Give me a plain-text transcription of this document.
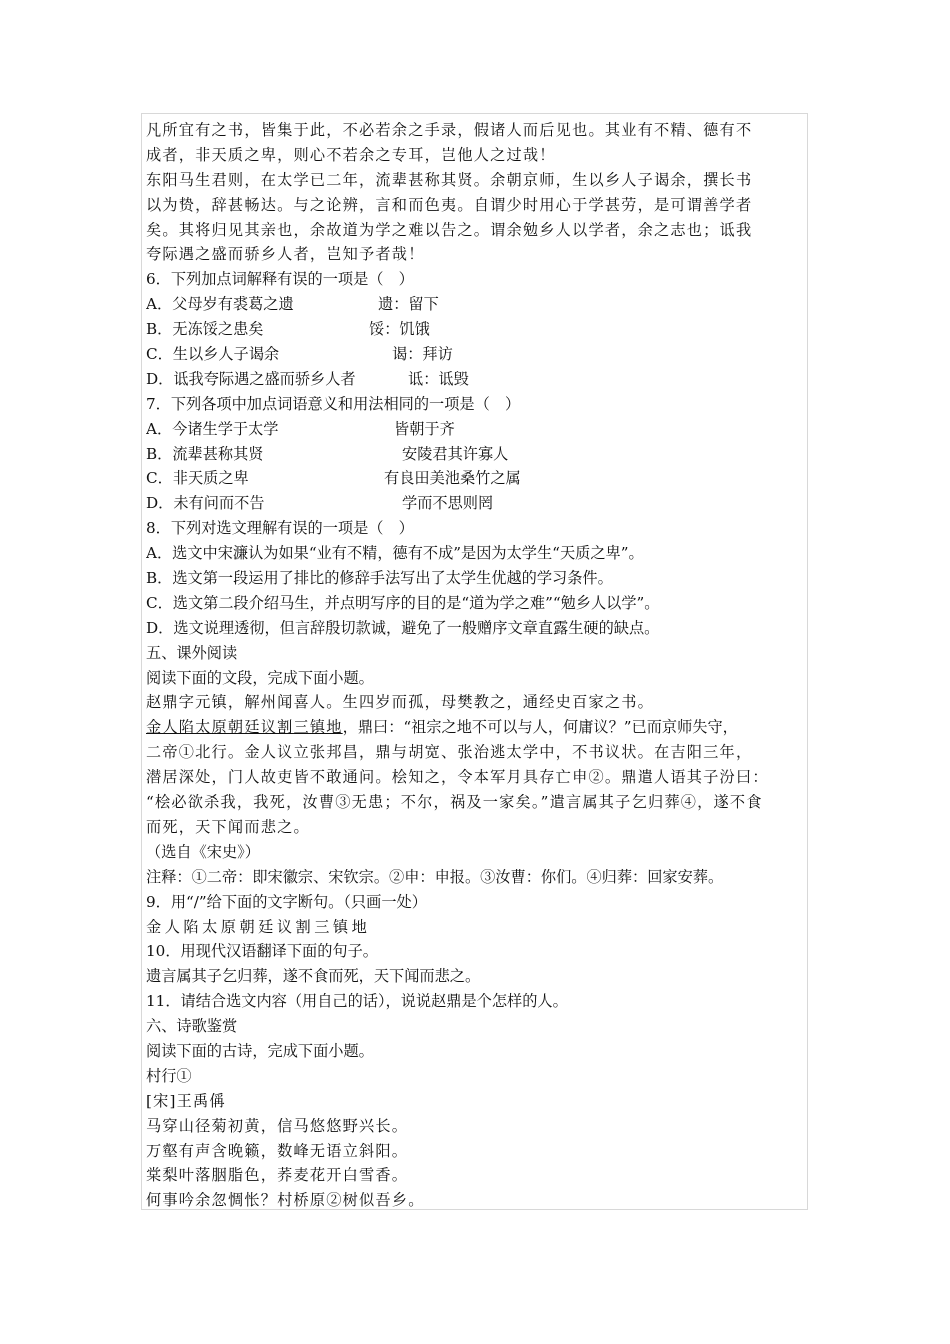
凡所宜有之书，皆集于此，不必若余之手录，假诸人而后见也。其业有不精、德有不
成者，非天质之卑，则心不若余之专耳，岂他人之过哉！
东阳马生君则，在太学已二年，流辈甚称其贤。余朝京师，生以乡人子谒余，撰长书
以为贽，辞甚畅达。与之论辨，言和而色夷。自谓少时用心于学甚劳，是可谓善学者
矣。其将归见其亲也，余故道为学之难以告之。谓余勉乡人以学者，余之志也；诋我
夸际遇之盛而骄乡人者，岂知予者哉！
6．下列加点词解释有误的一项是（　）
A．父母岁有裘葛之遗	遗：留下
B．无冻馁之患矣	馁：饥饿
C．生以乡人子谒余	谒：拜访
D．诋我夸际遇之盛而骄乡人者	诋：诋毁
7．下列各项中加点词语意义和用法相同的一项是（　）
A．今诸生学于太学	皆朝于齐
B．流辈甚称其贤	安陵君其许寡人
C．非天质之卑	有良田美池桑竹之属
D．未有问而不告	学而不思则罔
8．下列对选文理解有误的一项是（　）
A．选文中宋濂认为如果“业有不精，德有不成”是因为太学生“天质之卑”。
B．选文第一段运用了排比的修辞手法写出了太学生优越的学习条件。
C．选文第二段介绍马生，并点明写序的目的是“道为学之难”“勉乡人以学”。
D．选文说理透彻，但言辞殷切款诚，避免了一般赠序文章直露生硬的缺点。
五、课外阅读
阅读下面的文段，完成下面小题。
赵鼎字元镇，解州闻喜人。生四岁而孤，母樊教之，通经史百家之书。
金人陷太原朝廷议割三镇地，鼎曰：“祖宗之地不可以与人，何庸议？”已而京师失守，
二帝①北行。金人议立张邦昌，鼎与胡宽、张治逃太学中，不书议状。在吉阳三年，
潜居深处，门人故吏皆不敢通问。桧知之，令本军月具存亡申②。鼎遣人语其子汾曰：
“桧必欲杀我，我死，汝曹③无患；不尔，祸及一家矣。”遣言属其子乞归葬④，遂不食
而死，天下闻而悲之。
（选自《宋史》）
注释：①二帝：即宋徽宗、宋钦宗。②申：申报。③汝曹：你们。④归葬：回家安葬。
9．用“/”给下面的文字断句。（只画一处）
金人陷太原朝廷议割三镇地
10．用现代汉语翻译下面的句子。
遗言属其子乞归葬，遂不食而死，天下闻而悲之。
11．请结合选文内容（用自己的话），说说赵鼎是个怎样的人。
六、诗歌鉴赏
阅读下面的古诗，完成下面小题。
村行①
[宋]王禹偁
马穿山径菊初黄，信马悠悠野兴长。
万壑有声含晚籁，数峰无语立斜阳。
棠梨叶落胭脂色，荞麦花开白雪香。
何事吟余忽惆怅？村桥原②树似吾乡。
